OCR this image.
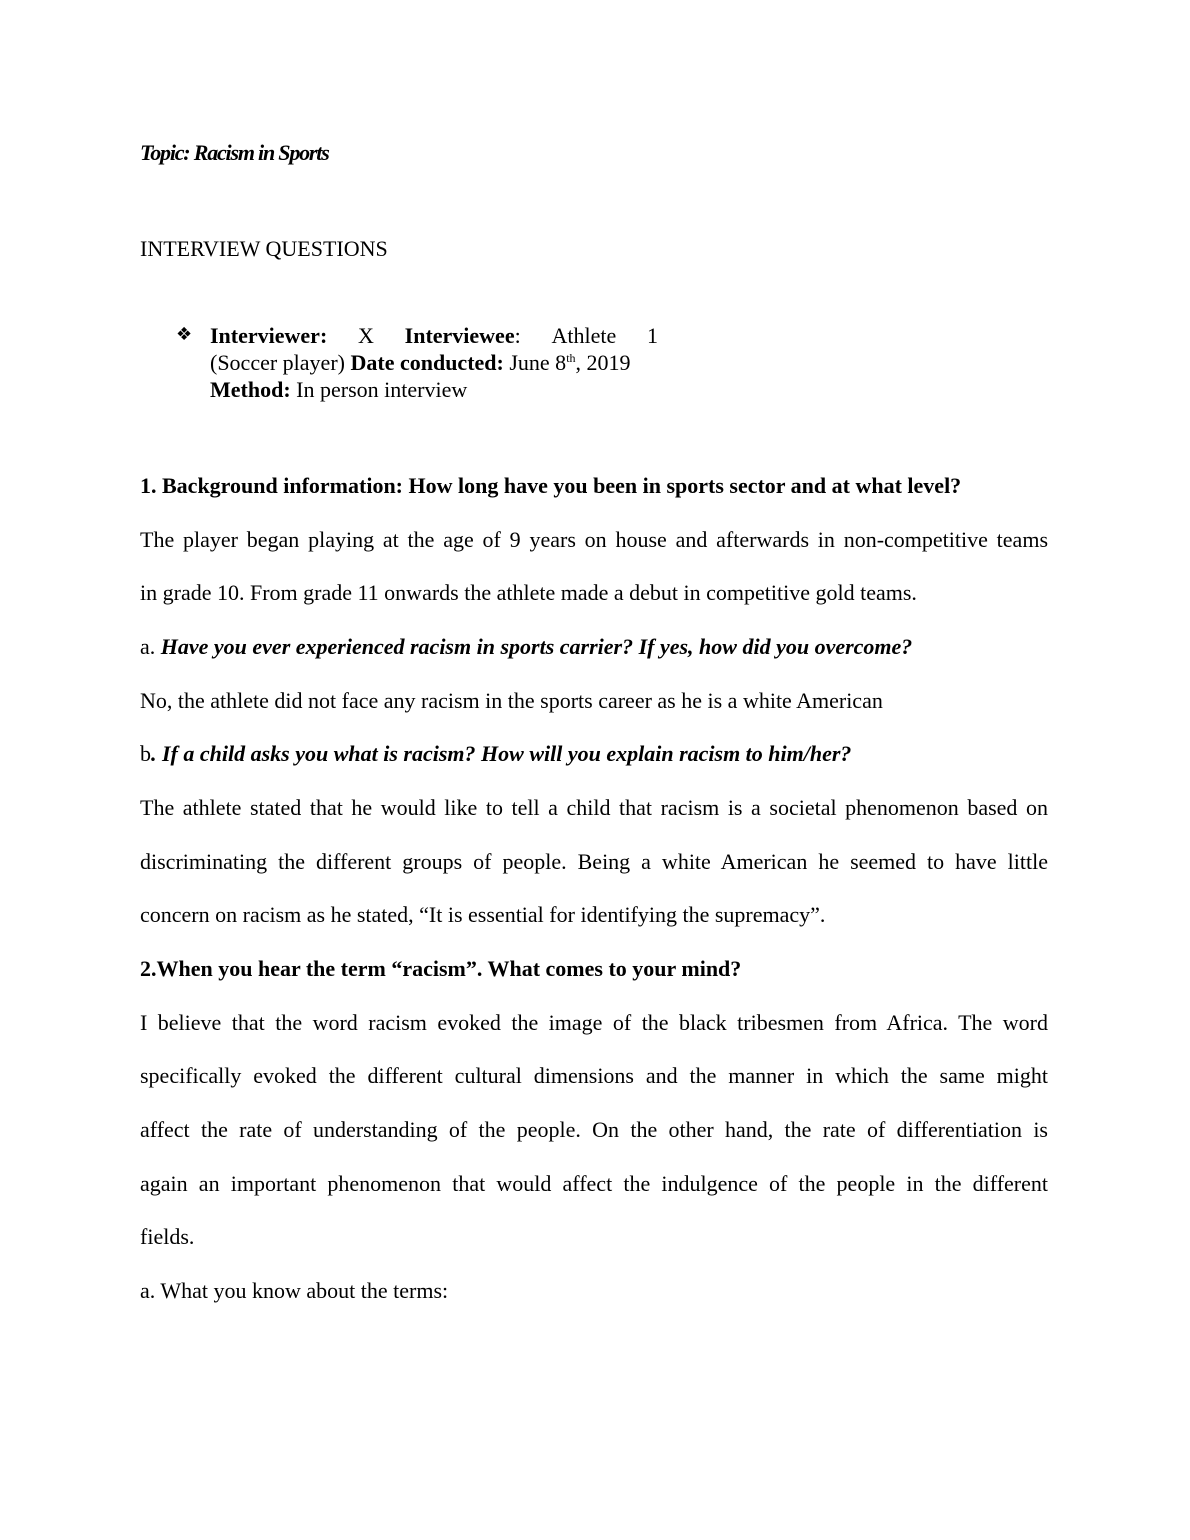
Topic: Racism in Sports
INTERVIEW QUESTIONS
❖ Interviewer: X Interviewee: Athlete 1
(Soccer player)
Date conducted:
June 8th, 2019
Method:
In person interview
1. Background information: How long have you been in sports sector and at what level?
The player began playing at the age of 9 years on house and afterwards in non-competitive teams
in grade 10. From grade 11 onwards the athlete made a debut in competitive gold teams.
a. Have you ever experienced racism in sports carrier? If yes, how did you overcome?
No, the athlete did not face any racism in the sports career as he is a white American
b. If a child asks you what is racism? How will you explain racism to him/her?
The athlete stated that he would like to tell a child that racism is a societal phenomenon based on
discriminating the different groups of people. Being a white American he seemed to have little
concern on racism as he stated, “It is essential for identifying the supremacy”.
2.When you hear the term “racism”. What comes to your mind?
I believe that the word racism evoked the image of the black tribesmen from Africa. The word
specifically evoked the different cultural dimensions and the manner in which the same might
affect the rate of understanding of the people. On the other hand, the rate of differentiation is
again an important phenomenon that would affect the indulgence of the people in the different
fields.
a. What you know about the terms:
